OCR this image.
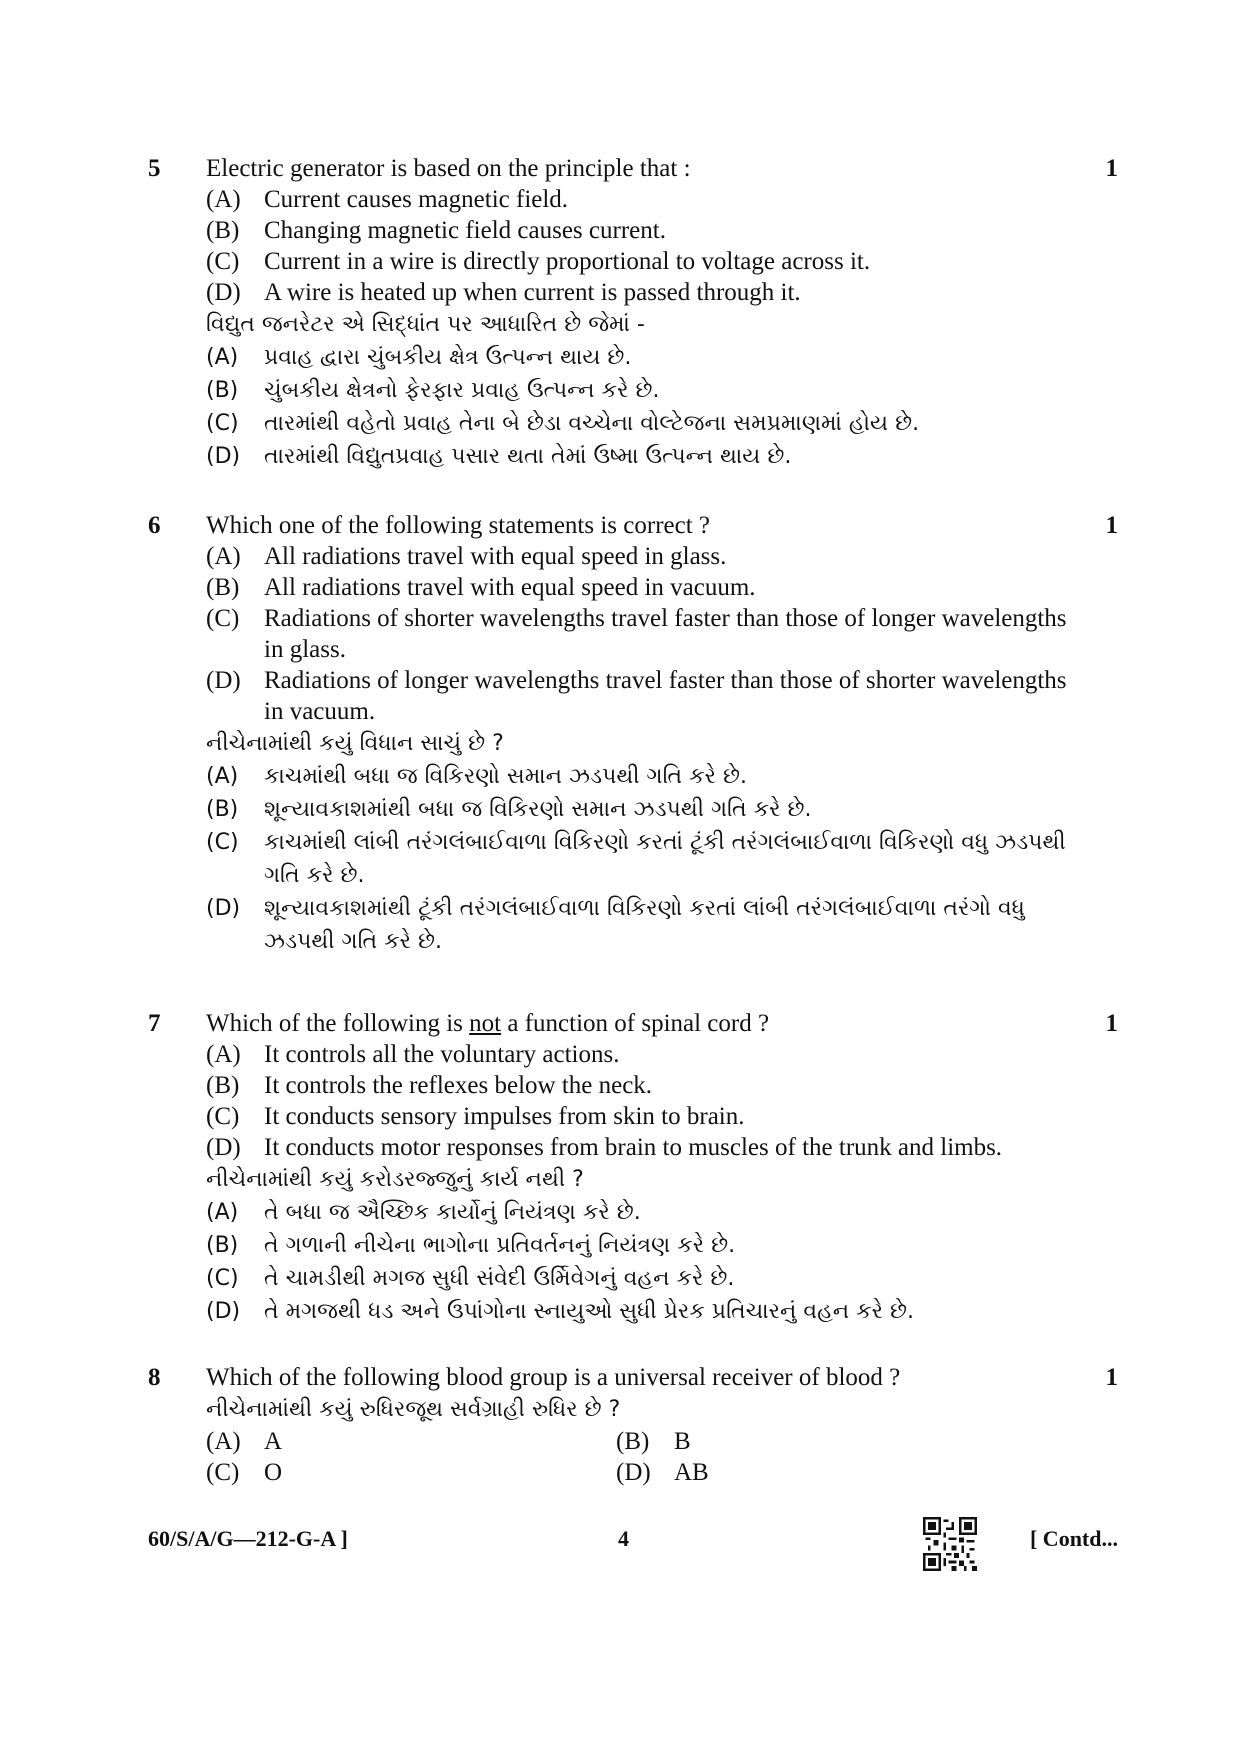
5	1
Electric generator is based on the principle that :
(A) Current causes magnetic field.
(B) Changing magnetic field causes current.
(C) Current in a wire is directly proportional to voltage across it.
(D) A wire is heated up when current is passed through it.
વિદ્યુત જનરેટર એ સિદ્ધાંત પર આધારિત છે જેમાં -
(A)	પ્રવાહ દ્વારા ચુંબકીય ક્ષેત્ર ઉત્પન્ન થાય છે.
(B)	ચુંબકીય ક્ષેત્રનો ફેરફાર પ્રવાહ ઉત્પન્ન કરે છે.
(C)	તારમાંથી વહેતો પ્રવાહ તેના બે છેડા વચ્ચેના વોલ્ટેજના સમપ્રમાણમાં હોય છે.
(D)	તારમાંથી વિદ્યુતપ્રવાહ પસાર થતા તેમાં ઉષ્મા ઉત્પન્ન થાય છે.
6	1
Which one of the following statements is correct ?
(A) All radiations travel with equal speed in glass.
(B) All radiations travel with equal speed in vacuum.
(C) Radiations of shorter wavelengths travel faster than those of longer wavelengths in glass.
(D) Radiations of longer wavelengths travel faster than those of shorter wavelengths in vacuum.
નીચેનામાંથી કયું વિધાન સાચું છે ?
(A)	કાચમાંથી બધા જ વિકિરણો સમાન ઝડપથી ગતિ કરે છે.
(B)	શૂન્યાવકાશમાંથી બધા જ વિકિરણો સમાન ઝડપથી ગતિ કરે છે.
(C)	કાચમાંથી લાંબી તરંગલંબાઈવાળા વિકિરણો કરતાં ટૂંકી તરંગલંબાઈવાળા વિકિરણો વધુ ઝડપથી ગતિ કરે છે.
(D)	શૂન્યાવકાશમાંથી ટૂંકી તરંગલંબાઈવાળા વિકિરણો કરતાં લાંબી તરંગલંબાઈવાળા તરંગો વધુ ઝડપથી ગતિ કરે છે.
7	1
Which of the following is not a function of spinal cord ?
(A) It controls all the voluntary actions.
(B) It controls the reflexes below the neck.
(C) It conducts sensory impulses from skin to brain.
(D) It conducts motor responses from brain to muscles of the trunk and limbs.
નીચેનામાંથી કયું કરોડરજ્જુનું કાર્ય નથી ?
(A)	તે બધા જ ઐચ્છિક કાર્યોનું નિયંત્રણ કરે છે.
(B)	તે ગળાની નીચેના ભાગોના પ્રતિવર્તનનું નિયંત્રણ કરે છે.
(C)	તે ચામડીથી મગજ સુધી સંવેદી ઉર્મિવેગનું વહન કરે છે.
(D)	તે મગજથી ધડ અને ઉપાંગોના સ્નાયુઓ સુધી પ્રેરક પ્રતિચારનું વહન કરે છે.
8	1
Which of the following blood group is a universal receiver of blood ?
નીચેનામાંથી કયું રુધિરજૂથ સર્વગ્રાહી રુધિર છે ?
(A) A	(B) B
(C) O	(D) AB
60/S/A/G—212-G-A ]	4	[ Contd...
